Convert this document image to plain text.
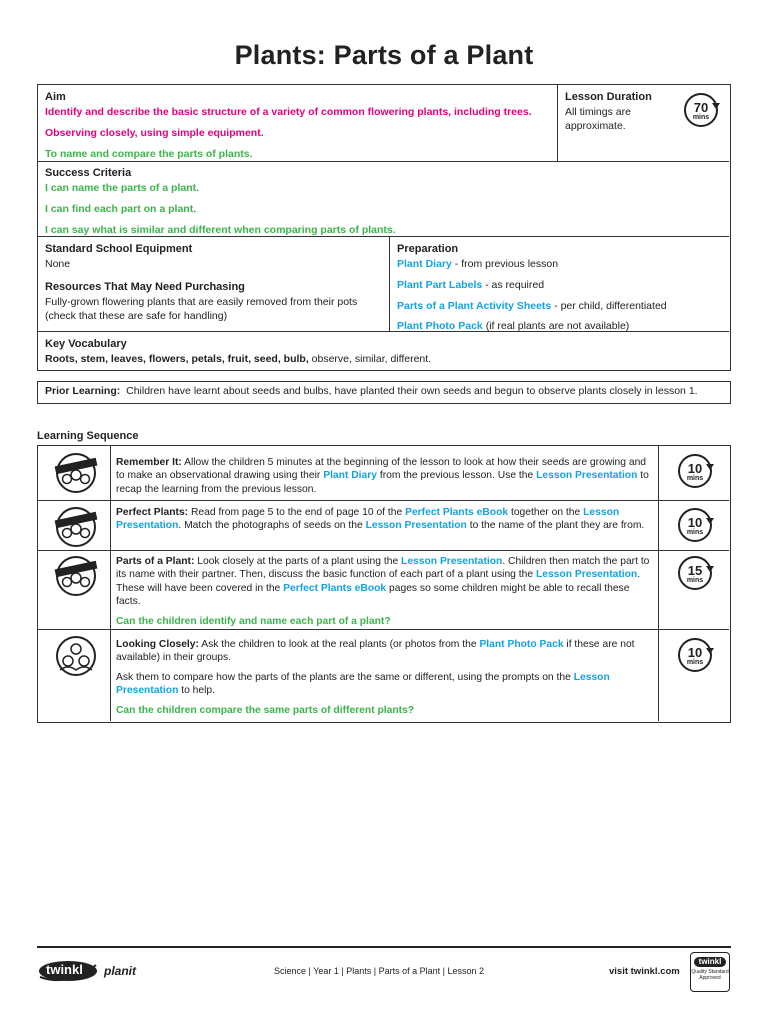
Plants: Parts of a Plant
Aim
Identify and describe the basic structure of a variety of common flowering plants, including trees.
Observing closely, using simple equipment.
To name and compare the parts of plants.
Lesson Duration
All timings are approximate.
70
mins
Success Criteria
I can name the parts of a plant.
I can find each part on a plant.
I can say what is similar and different when comparing parts of plants.
Standard School Equipment
None
Resources That May Need Purchasing
Fully-grown flowering plants that are easily removed from their pots (check that these are safe for handling)
Preparation
Plant Diary - from previous lesson
Plant Part Labels - as required
Parts of a Plant Activity Sheets - per child, differentiated
Plant Photo Pack (if real plants are not available)
Key Vocabulary
Roots, stem, leaves, flowers, petals, fruit, seed, bulb, observe, similar, different.
Prior Learning: Children have learnt about seeds and bulbs, have planted their own seeds and begun to observe plants closely in lesson 1.
Learning Sequence

Remember It: Allow the children 5 minutes at the beginning of the lesson to look at how their seeds are growing and to make an observational drawing using their Plant Diary from the previous lesson. Use the Lesson Presentation to recap the learning from the previous lesson.

10
mins

Perfect Plants: Read from page 5 to the end of page 10 of the Perfect Plants eBook together on the Lesson Presentation. Match the photographs of seeds on the Lesson Presentation to the name of the plant they are from.	10
mins

Parts of a Plant: Look closely at the parts of a plant using the Lesson Presentation. Children then match the part to its name with their partner. Then, discuss the basic function of each part of a plant using the Lesson Presentation. These will have been covered in the Perfect Plants eBook pages so some children might be able to recall these facts.

Can the children identify and name each part of a plant?

15
mins

Looking Closely: Ask the children to look at the real plants (or photos from the Plant Photo Pack if these are not available) in their groups.

Ask them to compare how the parts of the plants are the same or different, using the prompts on the Lesson Presentation to help.

Can the children compare the same parts of different plants?

10
mins
twinkl planit	Science | Year 1 | Plants | Parts of a Plant | Lesson 2	visit twinkl.com
twinkl
Quality Standard Approved
